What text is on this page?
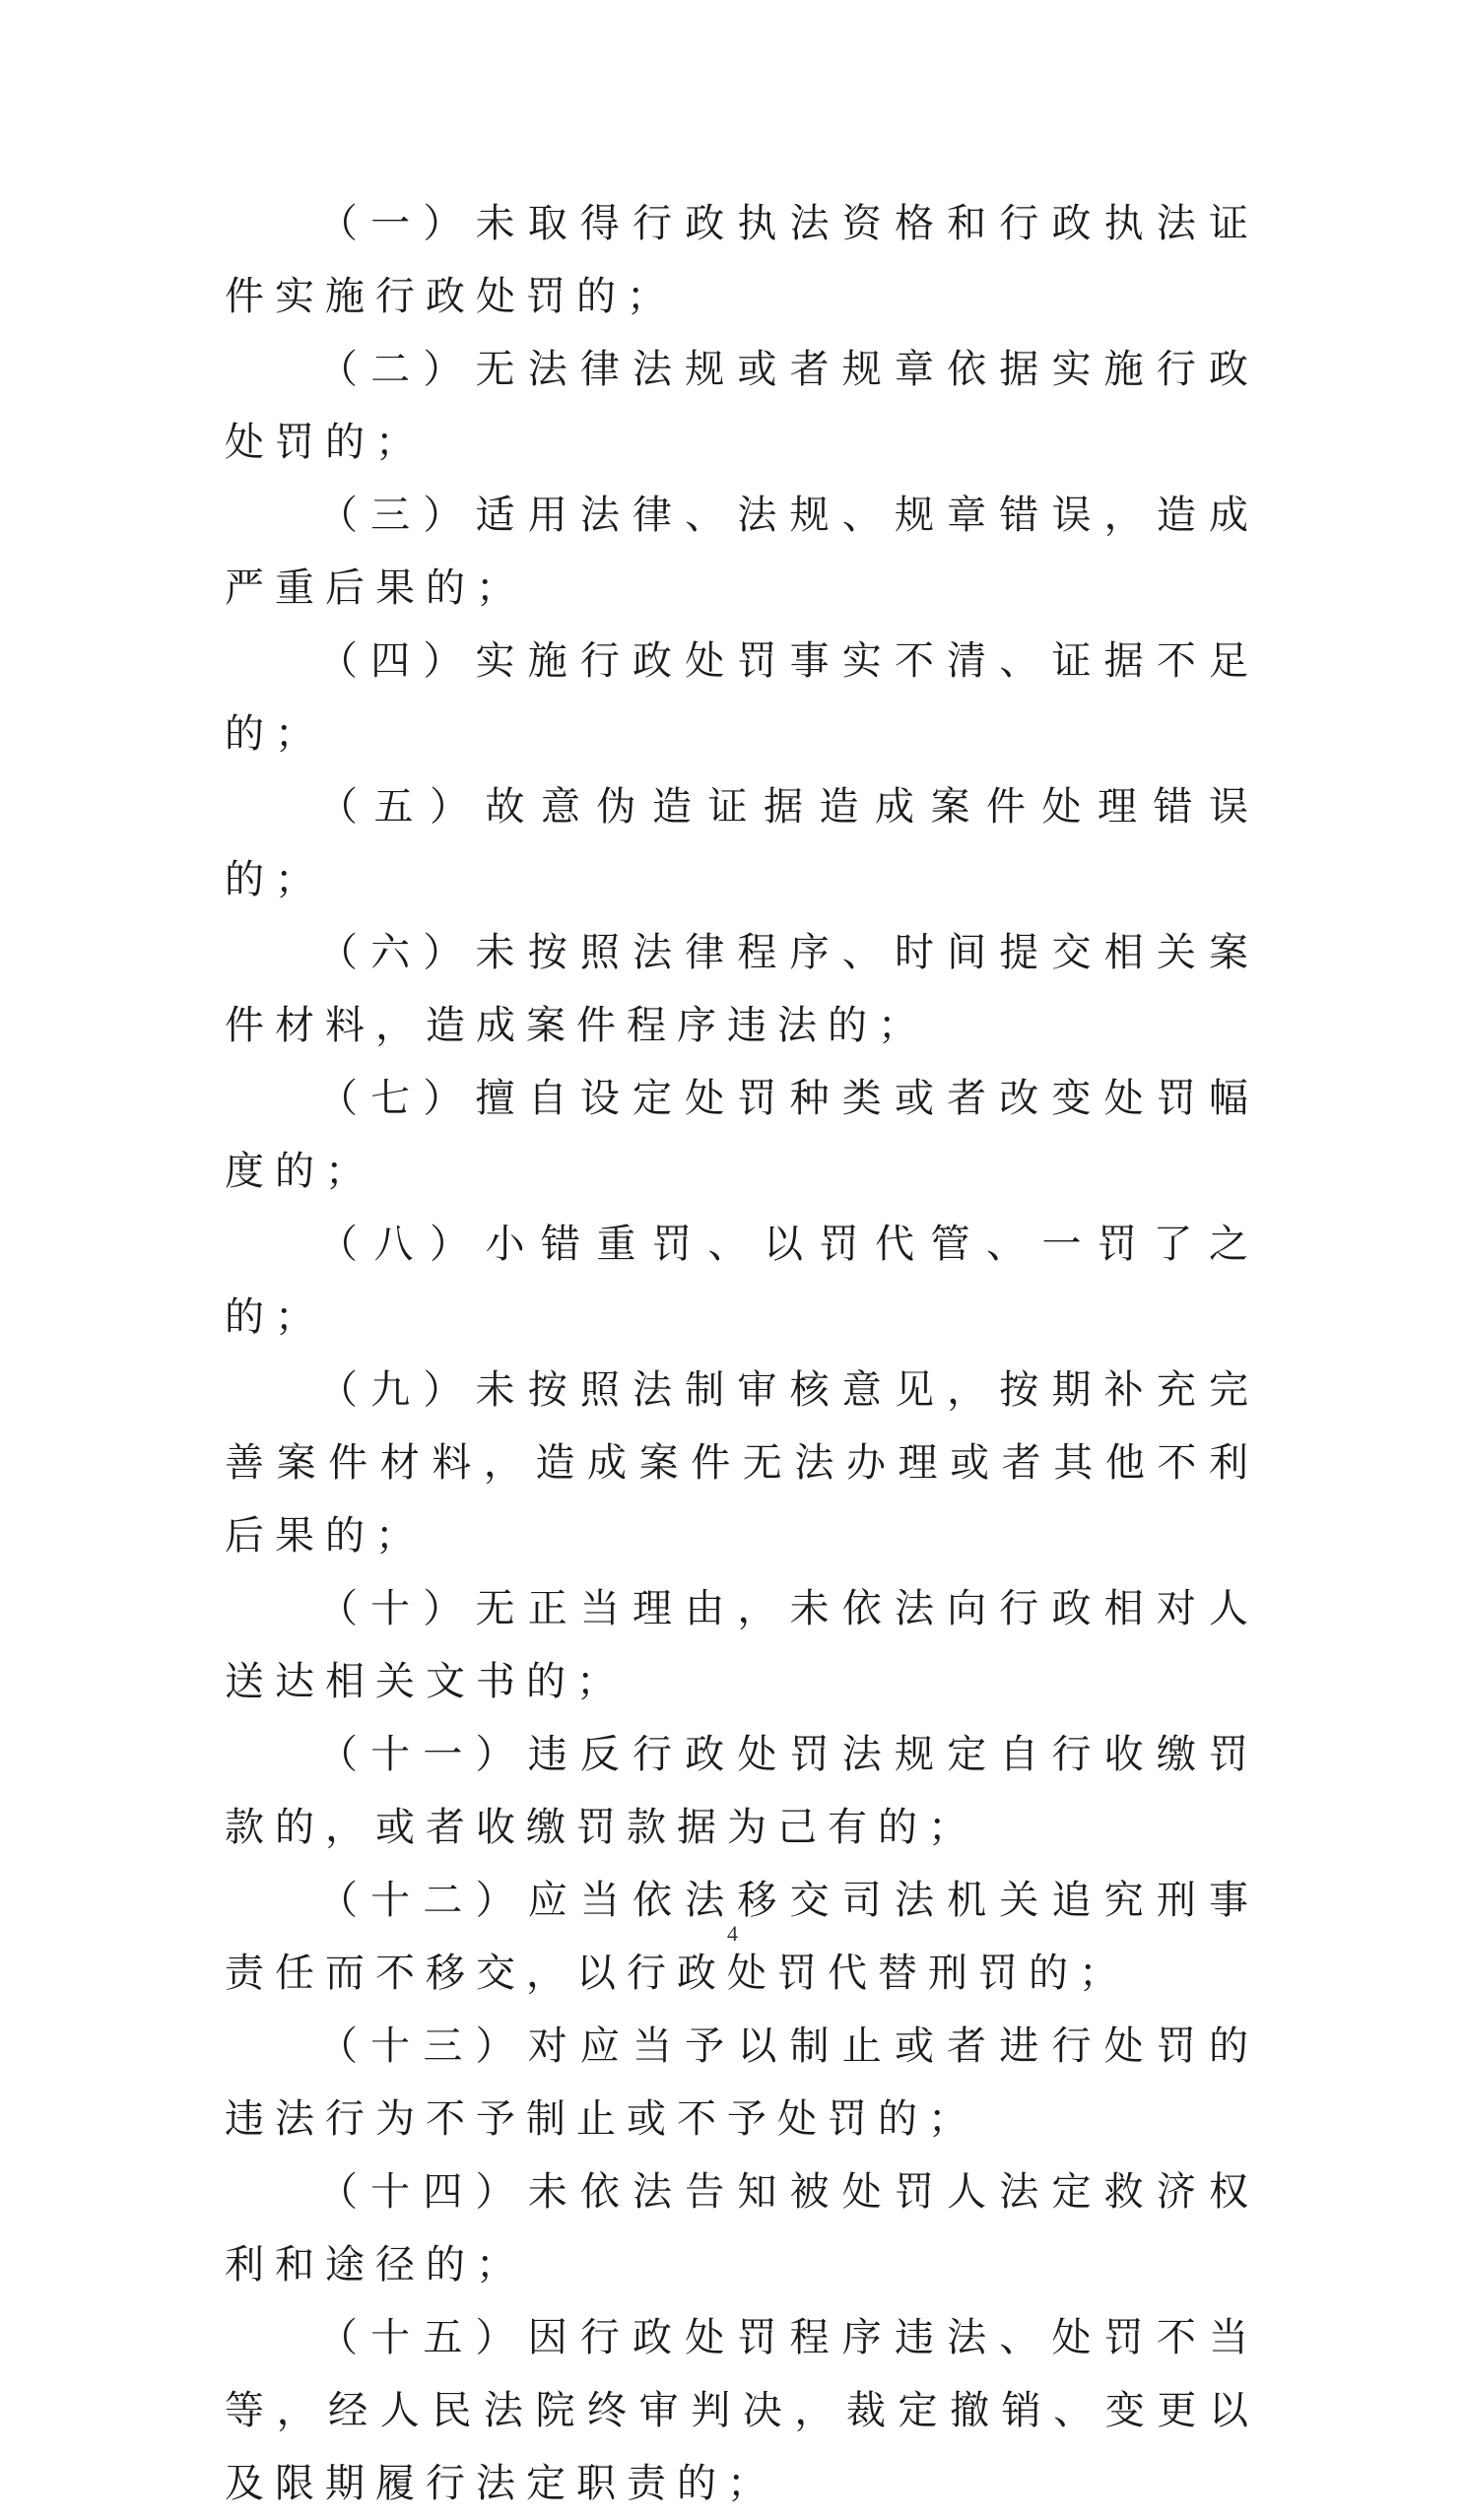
（一）未取得行政执法资格和行政执法证件实施行政处罚的；

（二）无法律法规或者规章依据实施行政处罚的；

（三）适用法律、法规、规章错误，造成严重后果的；

（四）实施行政处罚事实不清、证据不足的；

（五）故意伪造证据造成案件处理错误的；

（六）未按照法律程序、时间提交相关案件材料，造成案件程序违法的；

（七）擅自设定处罚种类或者改变处罚幅度的；

（八）小错重罚、以罚代管、一罚了之的；

（九）未按照法制审核意见，按期补充完善案件材料，造成案件无法办理或者其他不利后果的；

（十）无正当理由，未依法向行政相对人送达相关文书的；

（十一）违反行政处罚法规定自行收缴罚款的，或者收缴罚款据为己有的；

（十二）应当依法移交司法机关追究刑事责任而不移交，以行政处罚代替刑罚的；

（十三）对应当予以制止或者进行处罚的违法行为不予制止或不予处罚的；

（十四）未依法告知被处罚人法定救济权利和途径的；

（十五）因行政处罚程序违法、处罚不当等，经人民法院终审判决，裁定撤销、变更以及限期履行法定职责的；

4
